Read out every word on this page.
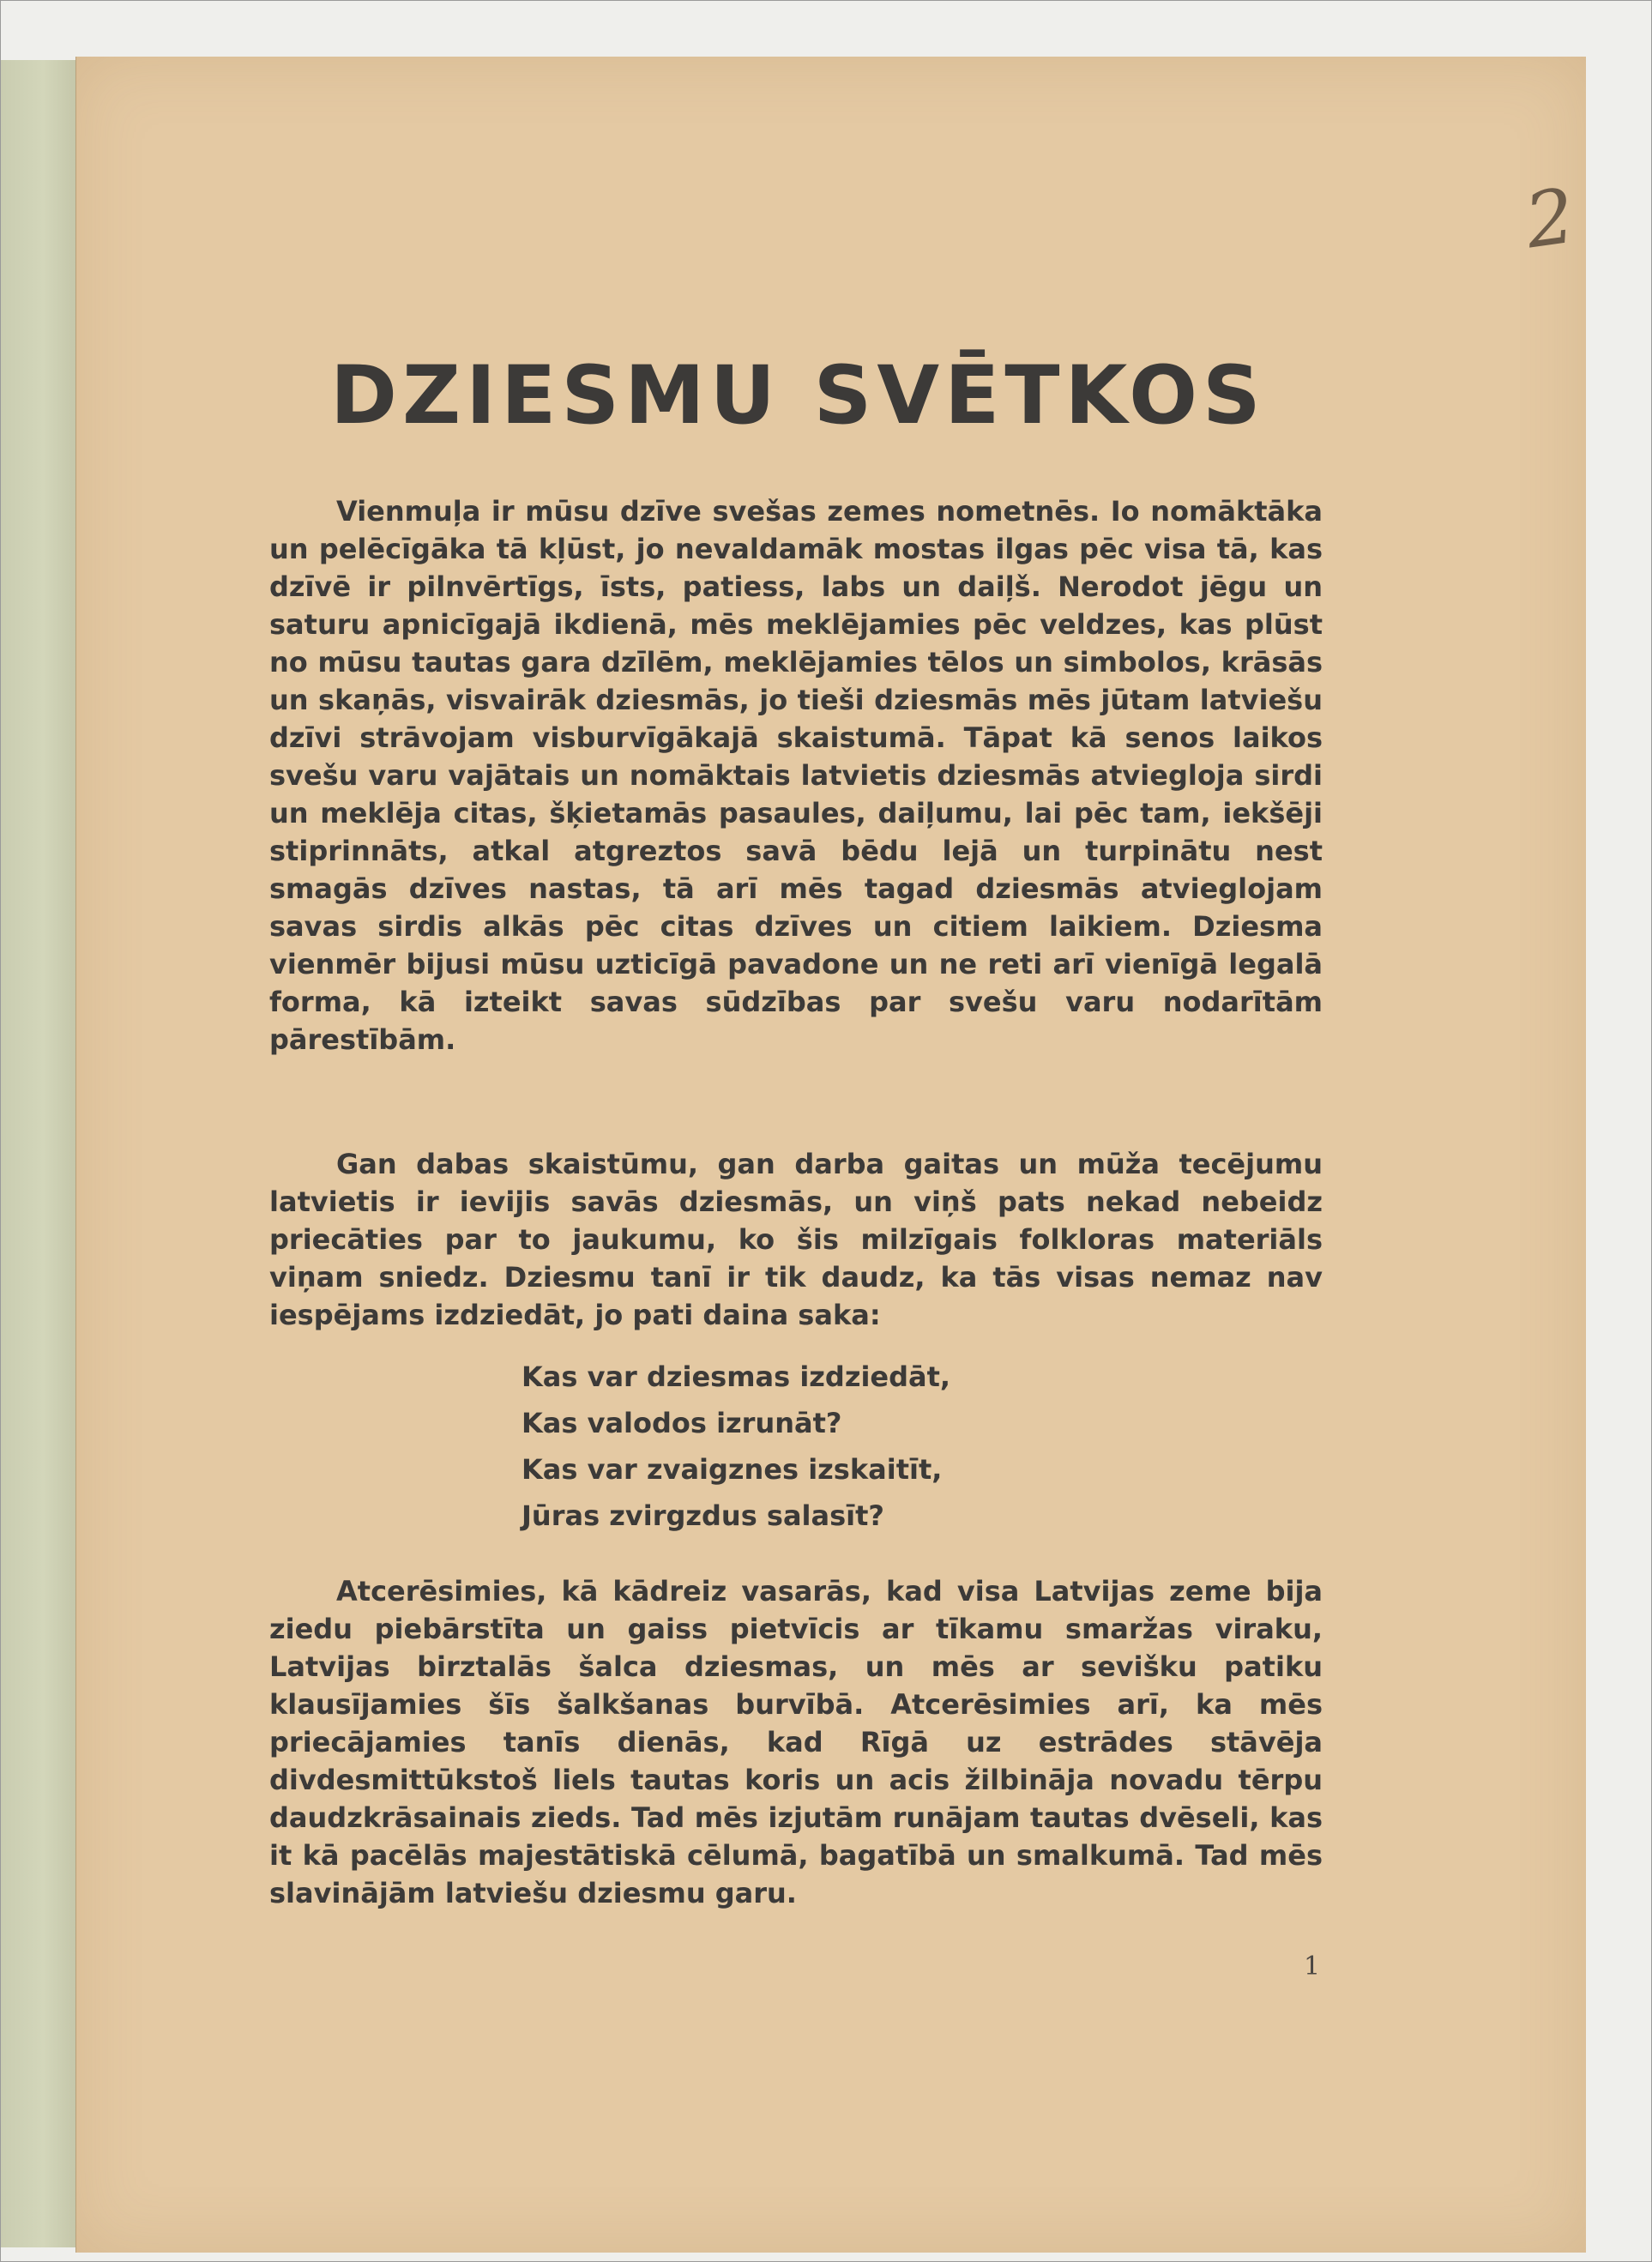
2
DZIESMU SVĒTKOS

Vienmuļa ir mūsu dzīve svešas zemes nometnēs. Io nomāktāka un pelēcīgāka tā kļūst, jo nevaldamāk mostas ilgas pēc visa tā, kas dzīvē ir pilnvērtīgs, īsts, patiess, labs un daiļš. Nerodot jēgu un saturu apnicīgajā ikdienā, mēs meklējamies pēc veldzes, kas plūst no mūsu tautas gara dzīlēm, meklējamies tēlos un simbolos, krāsās un skaņās, visvairāk dziesmās, jo tieši dziesmās mēs jūtam latviešu dzīvi strāvojam visburvīgākajā skaistumā. Tāpat kā senos laikos svešu varu vajātais un nomāktais latvietis dziesmās atviegloja sirdi un meklēja citas, šķietamās pasaules, daiļumu, lai pēc tam, iekšēji stiprinnāts, atkal atgreztos savā bēdu lejā un turpinātu nest smagās dzīves nastas, tā arī mēs tagad dziesmās atvieglojam savas sirdis alkās pēc citas dzīves un citiem laikiem. Dziesma vienmēr bijusi mūsu uzticīgā pavadone un ne reti arī vienīgā legalā forma, kā izteikt savas sūdzības par svešu varu nodarītām pārestībām.

Gan dabas skaistūmu, gan darba gaitas un mūža tecējumu latvietis ir ievijis savās dziesmās, un viņš pats nekad nebeidz priecāties par to jaukumu, ko šis milzīgais folkloras materiāls viņam sniedz. Dziesmu tanī ir tik daudz, ka tās visas nemaz nav iespējams izdziedāt, jo pati daina saka:

Kas var dziesmas izdziedāt,
Kas valodos izrunāt?
Kas var zvaigznes izskaitīt,
Jūras zvirgzdus salasīt?

Atcerēsimies, kā kādreiz vasarās, kad visa Latvijas zeme bija ziedu piebārstīta un gaiss pietvīcis ar tīkamu smaržas viraku, Latvijas birztalās šalca dziesmas, un mēs ar sevišku patiku klausījamies šīs šalkšanas burvībā. Atcerēsimies arī, ka mēs priecājamies tanīs dienās, kad Rīgā uz estrādes stāvēja divdesmittūkstoš liels tautas koris un acis žilbināja novadu tērpu daudzkrāsainais zieds. Tad mēs izjutām runājam tautas dvēseli, kas it kā pacēlās majestātiskā cēlumā, bagatībā un smalkumā. Tad mēs slavinājām latviešu dziesmu garu.

1
